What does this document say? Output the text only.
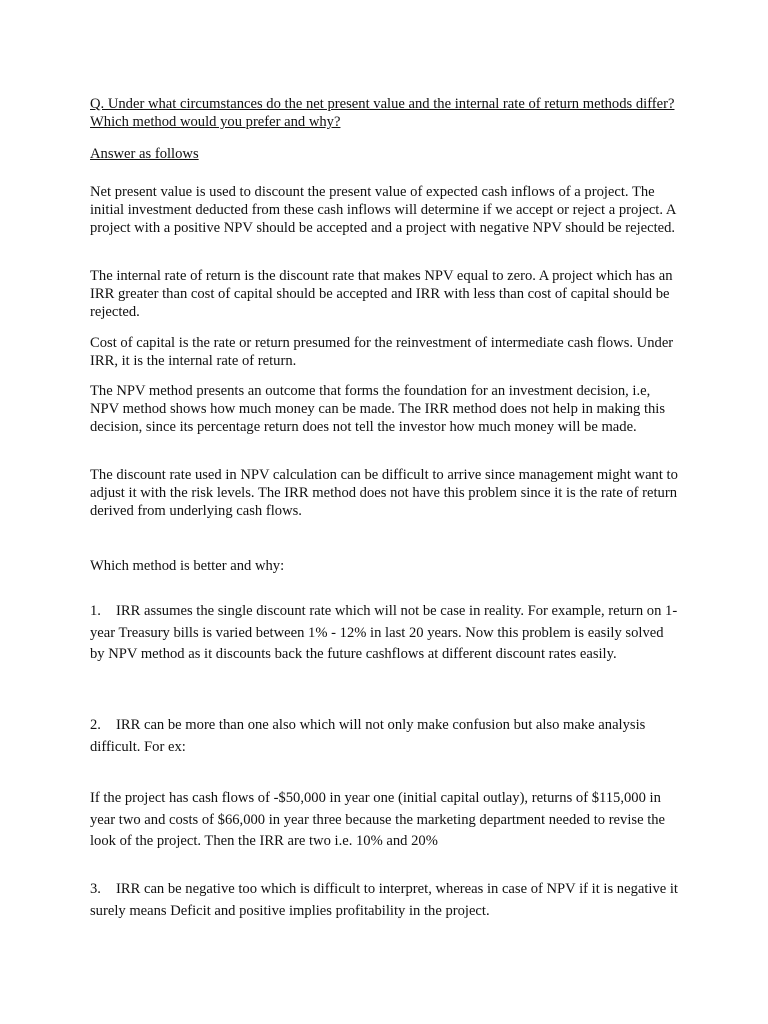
Q. Under what circumstances do the net present value and the internal rate of return methods differ? Which method would you prefer and why?

Answer as follows

Net present value is used to discount the present value of expected cash inflows of a project. The initial investment deducted from these cash inflows will determine if we accept or reject a project. A project with a positive NPV should be accepted and a project with negative NPV should be rejected.

The internal rate of return is the discount rate that makes NPV equal to zero. A project which has an IRR greater than cost of capital should be accepted and IRR with less than cost of capital should be rejected.

Cost of capital is the rate or return presumed for the reinvestment of intermediate cash flows. Under IRR, it is the internal rate of return.

The NPV method presents an outcome that forms the foundation for an investment decision, i.e, NPV method shows how much money can be made. The IRR method does not help in making this decision, since its percentage return does not tell the investor how much money will be made.

The discount rate used in NPV calculation can be difficult to arrive since management might want to adjust it with the risk levels. The IRR method does not have this problem since it is the rate of return derived from underlying cash flows.

Which method is better and why:

1. IRR assumes the single discount rate which will not be case in reality. For example, return on 1- year Treasury bills is varied between 1% - 12% in last 20 years. Now this problem is easily solved by NPV method as it discounts back the future cashflows at different discount rates easily.

2. IRR can be more than one also which will not only make confusion but also make analysis difficult. For ex:

If the project has cash flows of -$50,000 in year one (initial capital outlay), returns of $115,000 in year two and costs of $66,000 in year three because the marketing department needed to revise the look of the project. Then the IRR are two i.e. 10% and 20%

3. IRR can be negative too which is difficult to interpret, whereas in case of NPV if it is negative it surely means Deficit and positive implies profitability in the project.
